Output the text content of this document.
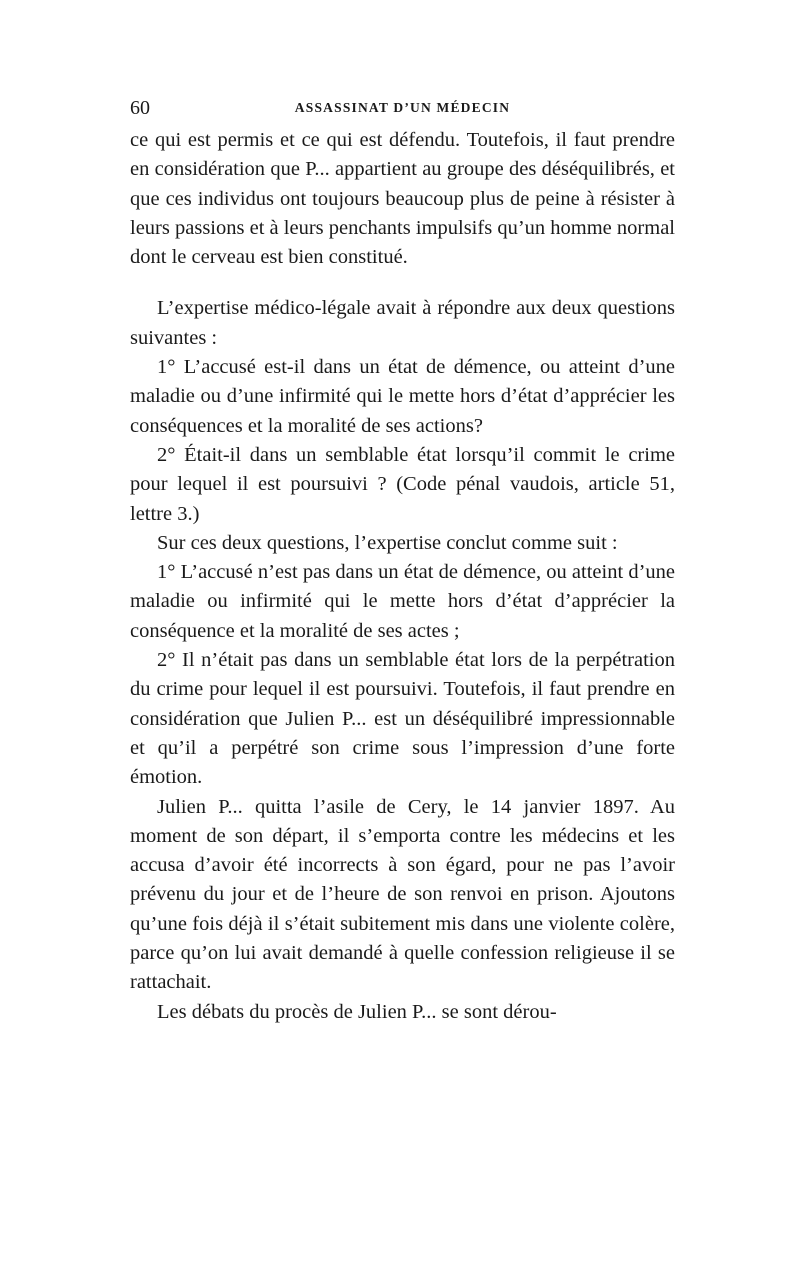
60	ASSASSINAT D’UN MÉDECIN

ce qui est permis et ce qui est défendu. Toutefois, il faut prendre en considération que P... appartient au groupe des déséquilibrés, et que ces individus ont toujours beaucoup plus de peine à résister à leurs passions et à leurs penchants impulsifs qu’un homme normal dont le cerveau est bien constitué.

L’expertise médico-légale avait à répondre aux deux questions suivantes :

1° L’accusé est-il dans un état de démence, ou atteint d’une maladie ou d’une infirmité qui le mette hors d’état d’apprécier les conséquences et la moralité de ses actions?

2° Était-il dans un semblable état lorsqu’il commit le crime pour lequel il est poursuivi ? (Code pénal vaudois, article 51, lettre 3.)

Sur ces deux questions, l’expertise conclut comme suit :

1° L’accusé n’est pas dans un état de démence, ou atteint d’une maladie ou infirmité qui le mette hors d’état d’apprécier la conséquence et la moralité de ses actes ;

2° Il n’était pas dans un semblable état lors de la perpétration du crime pour lequel il est poursuivi. Toutefois, il faut prendre en considération que Julien P... est un déséquilibré impressionnable et qu’il a perpétré son crime sous l’impression d’une forte émotion.

Julien P... quitta l’asile de Cery, le 14 janvier 1897. Au moment de son départ, il s’emporta contre les médecins et les accusa d’avoir été incorrects à son égard, pour ne pas l’avoir prévenu du jour et de l’heure de son renvoi en prison. Ajoutons qu’une fois déjà il s’était subitement mis dans une violente colère, parce qu’on lui avait demandé à quelle confession religieuse il se rattachait.

Les débats du procès de Julien P... se sont dérou-
